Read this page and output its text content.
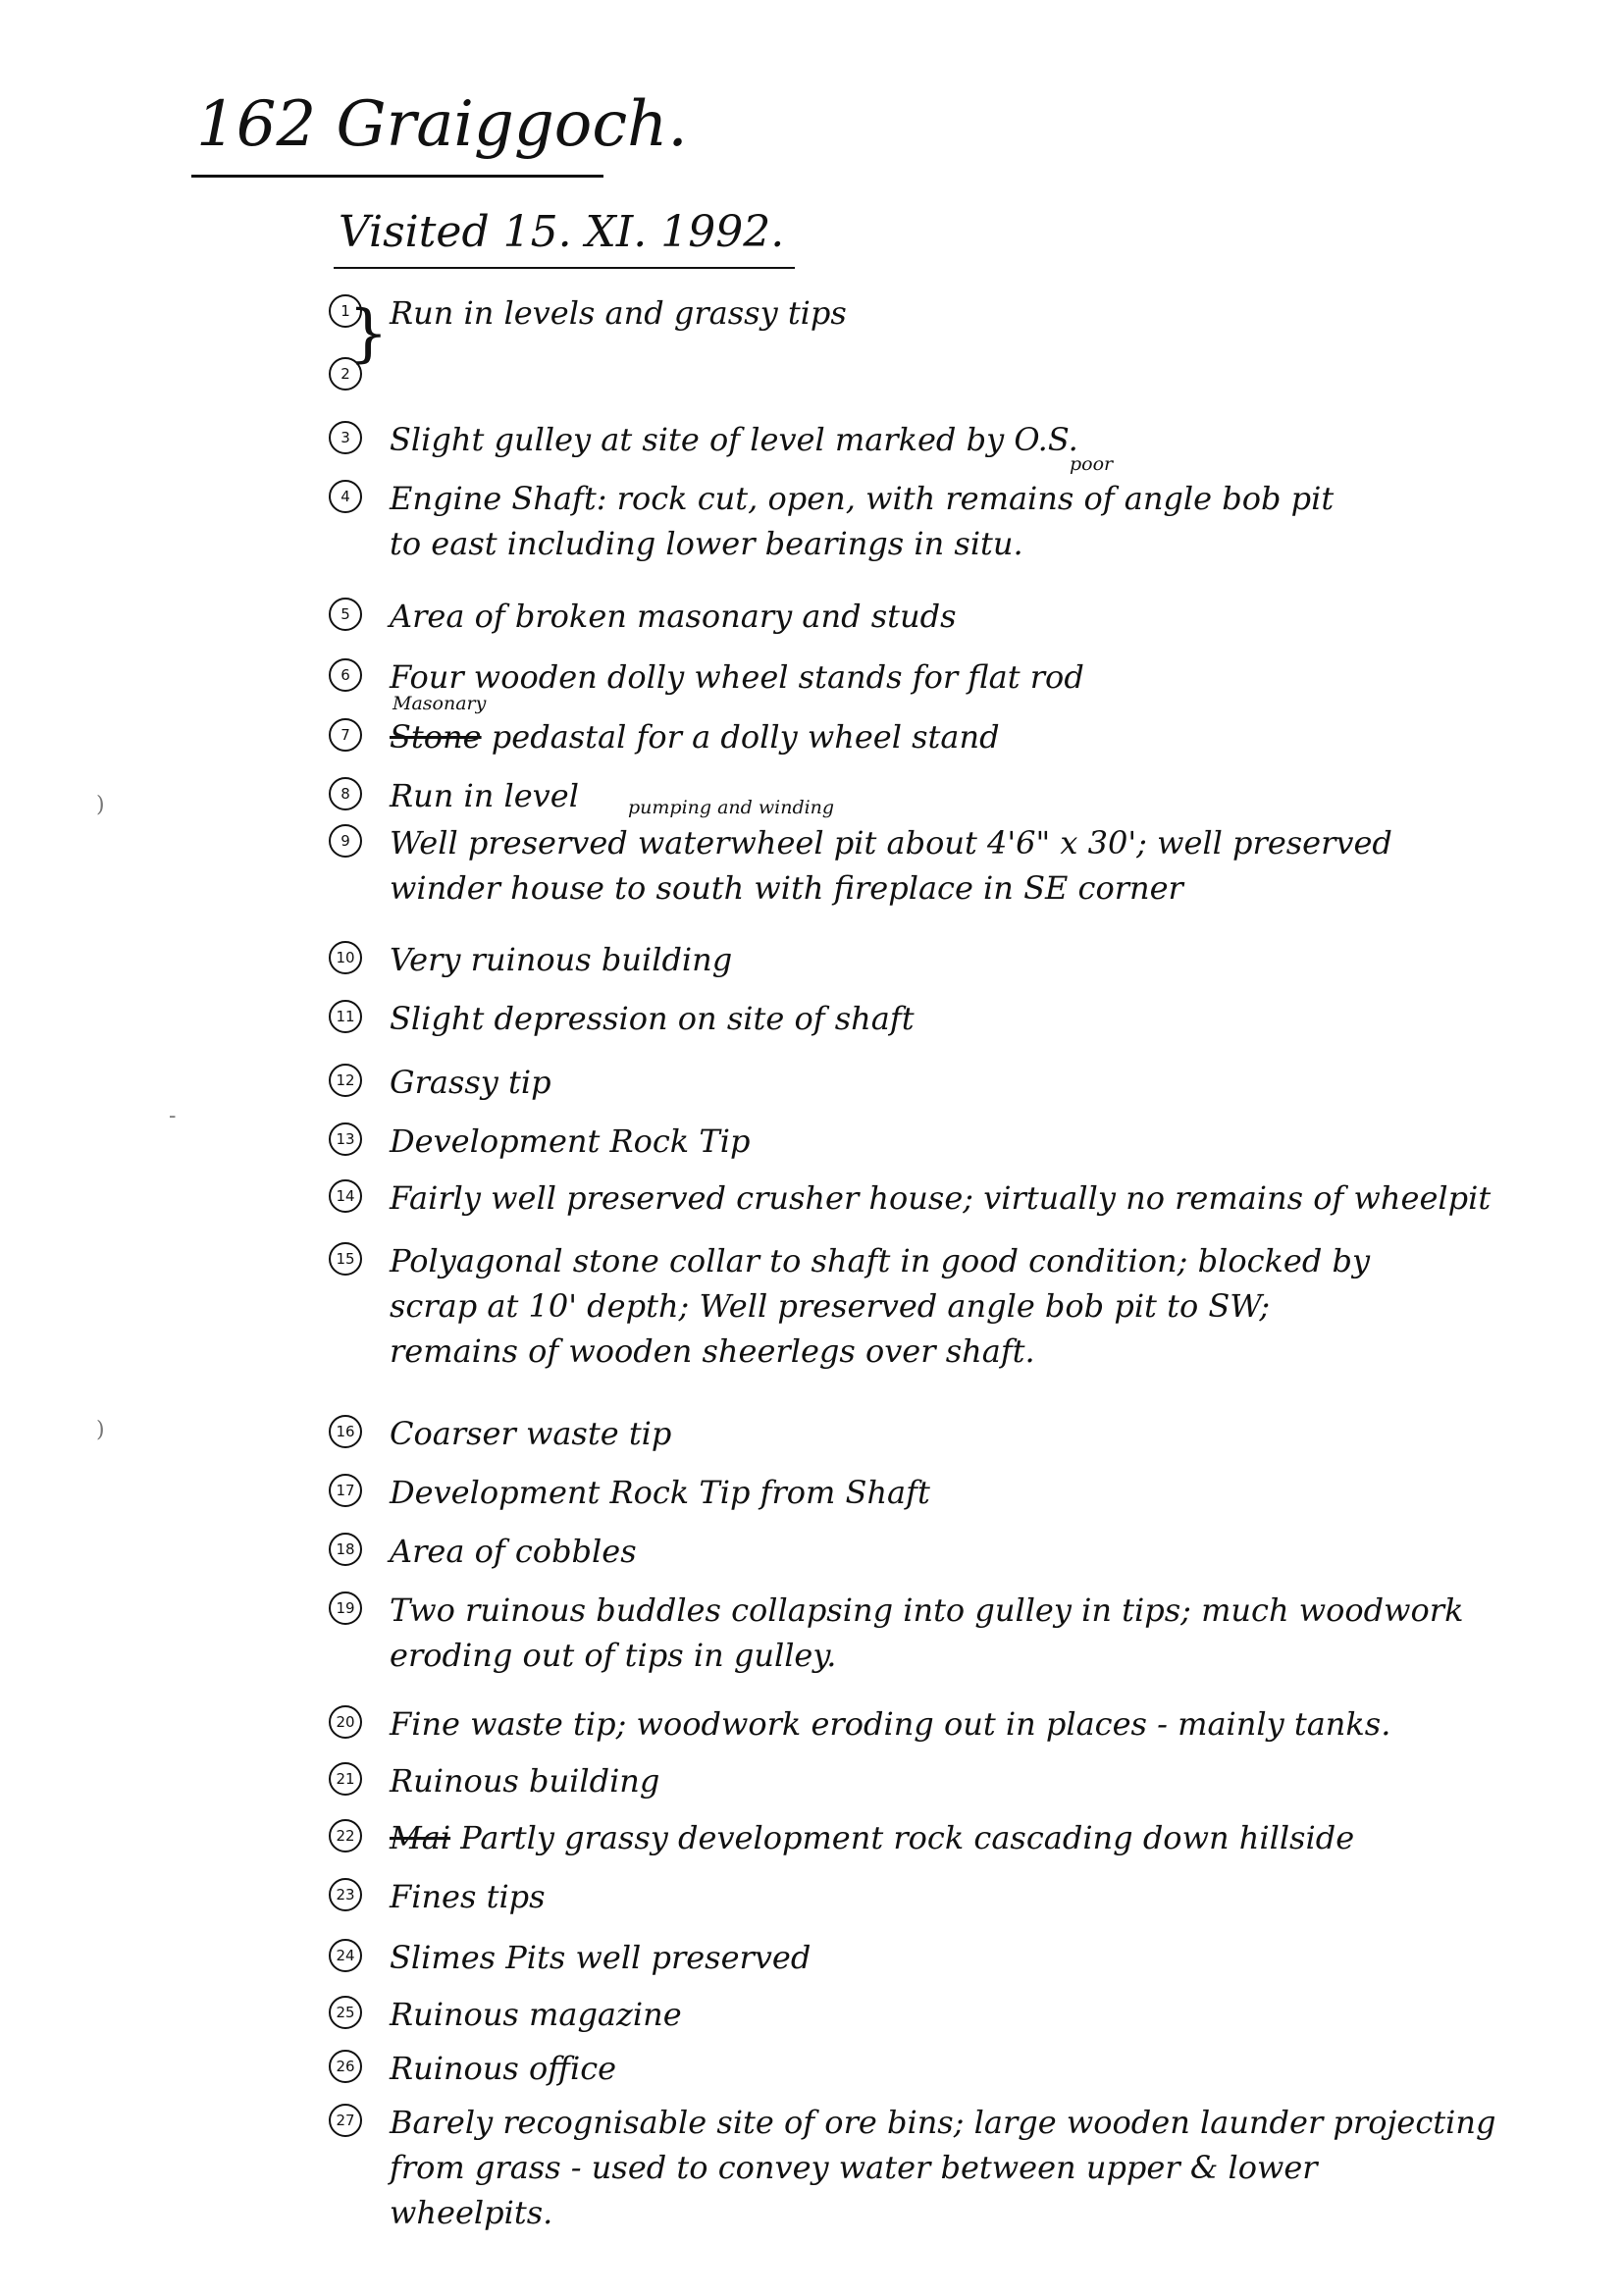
162 Graiggoch.
Visited 15. XI. 1992.
}
1	Run in levels and grassy tips
2
3	Slight gulley at site of level marked by O.S.
poor
4	Engine Shaft: rock cut, open, with remains of angle bob pit
to east including lower bearings in situ.
5	Area of broken masonary and studs
6	Four wooden dolly wheel stands for flat rod
Masonary
7	Stone pedastal for a dolly wheel stand
8	Run in level	pumping and winding
9	Well preserved waterwheel pit about 4'6" x 30'; well preserved
winder house to south with fireplace in SE corner
10 Very ruinous building
11 Slight depression on site of shaft
12 Grassy tip
13 Development Rock Tip
14 Fairly well preserved crusher house; virtually no remains of wheelpit
15 Polyagonal stone collar to shaft in good condition; blocked by
scrap at 10' depth; Well preserved angle bob pit to SW;
remains of wooden sheerlegs over shaft.
16 Coarser waste tip
17 Development Rock Tip from Shaft
18 Area of cobbles
19 Two ruinous buddles collapsing into gulley in tips; much woodwork
eroding out of tips in gulley.
20 Fine waste tip; woodwork eroding out in places - mainly tanks.
21 Ruinous building
22 Mai Partly grassy development rock cascading down hillside
23 Fines tips
24 Slimes Pits well preserved
25 Ruinous magazine
26 Ruinous office
27 Barely recognisable site of ore bins; large wooden launder projecting
from grass - used to convey water between upper & lower
wheelpits.
)
-
)
